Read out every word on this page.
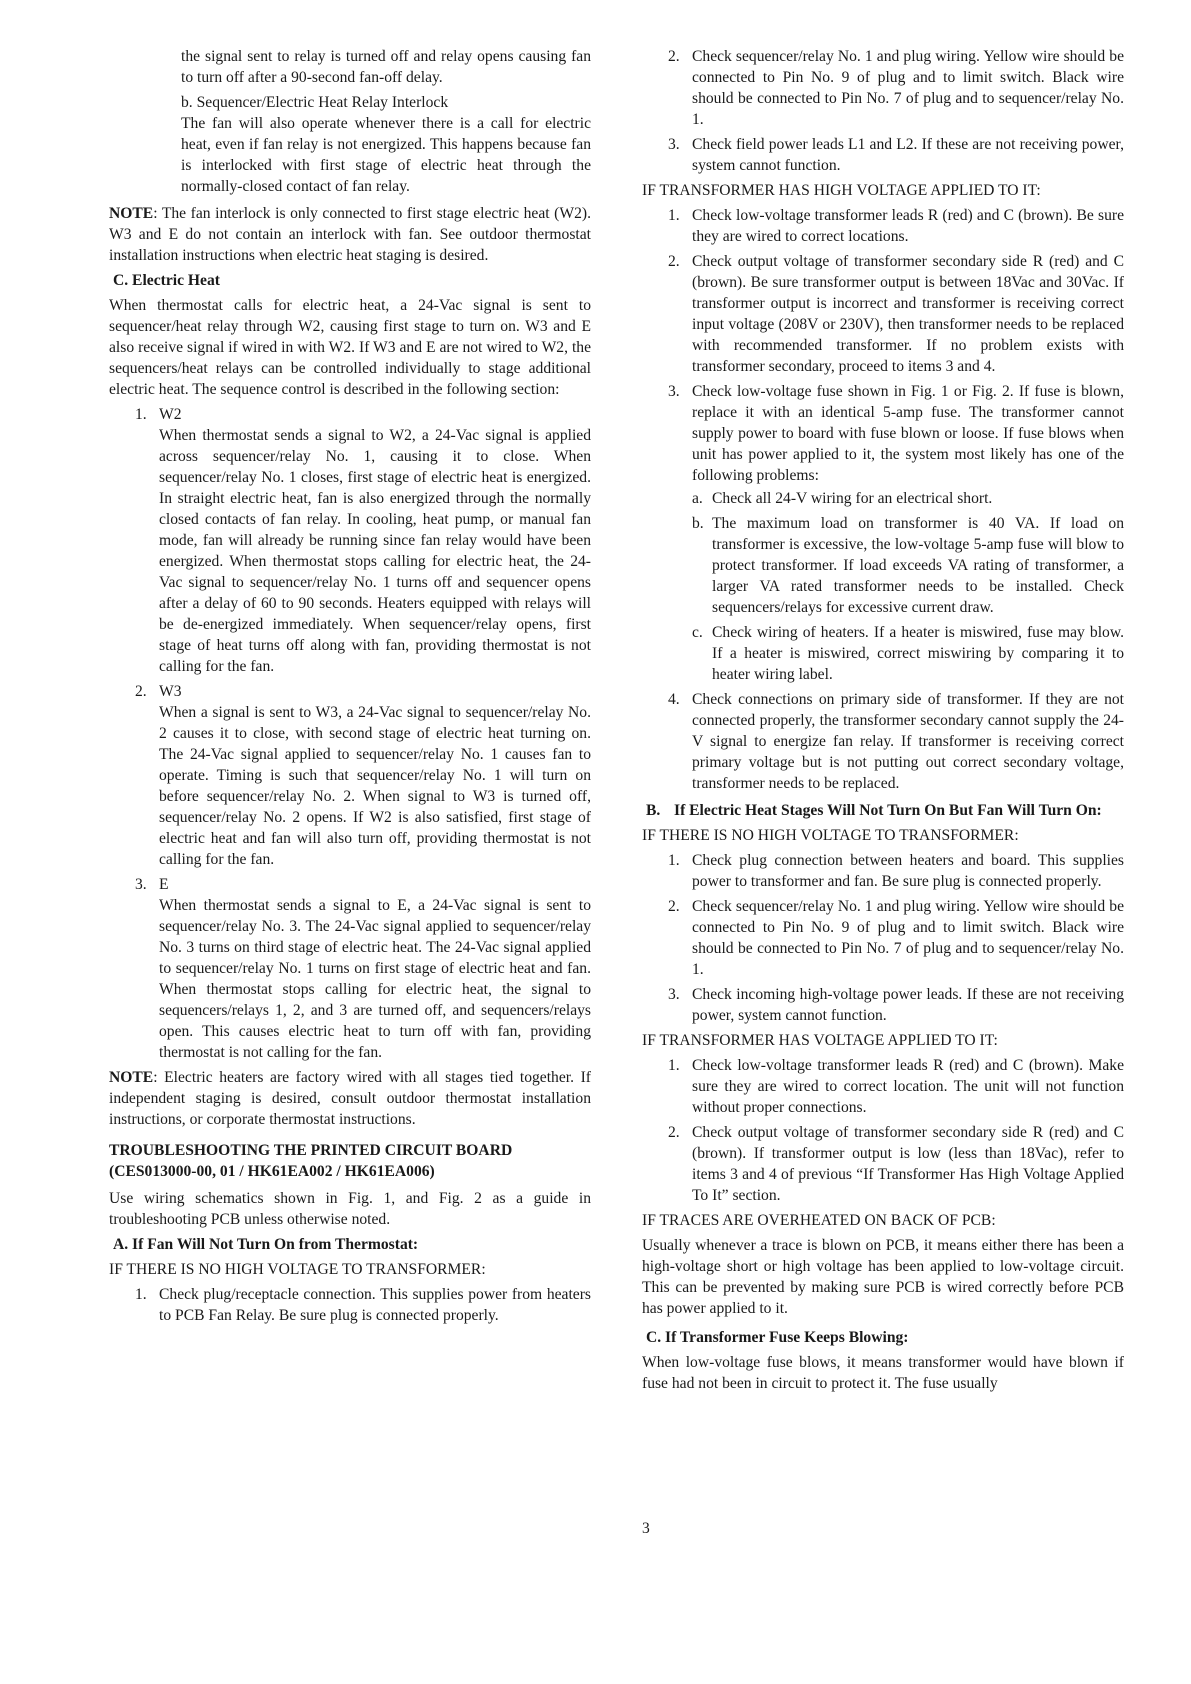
the signal sent to relay is turned off and relay opens causing fan to turn off after a 90-second fan-off delay.

b. Sequencer/Electric Heat Relay Interlock

The fan will also operate whenever there is a call for electric heat, even if fan relay is not energized. This happens because fan is interlocked with first stage of electric heat through the normally-closed contact of fan relay.

NOTE: The fan interlock is only connected to first stage electric heat (W2). W3 and E do not contain an interlock with fan. See outdoor thermostat installation instructions when electric heat staging is desired.

C. Electric Heat

When thermostat calls for electric heat, a 24-Vac signal is sent to sequencer/heat relay through W2, causing first stage to turn on. W3 and E also receive signal if wired in with W2. If W3 and E are not wired to W2, the sequencers/heat relays can be controlled individually to stage additional electric heat. The sequence control is described in the following section:

1. W2
When thermostat sends a signal to W2, a 24-Vac signal is applied across sequencer/relay No. 1, causing it to close. When sequencer/relay No. 1 closes, first stage of electric heat is energized. In straight electric heat, fan is also energized through the normally closed contacts of fan relay. In cooling, heat pump, or manual fan mode, fan will already be running since fan relay would have been energized. When thermostat stops calling for electric heat, the 24-Vac signal to sequencer/relay No. 1 turns off and sequencer opens after a delay of 60 to 90 seconds. Heaters equipped with relays will be de-energized immediately. When sequencer/relay opens, first stage of heat turns off along with fan, providing thermostat is not calling for the fan.
2. W3
When a signal is sent to W3, a 24-Vac signal to sequencer/relay No. 2 causes it to close, with second stage of electric heat turning on. The 24-Vac signal applied to sequencer/relay No. 1 causes fan to operate. Timing is such that sequencer/relay No. 1 will turn on before sequencer/relay No. 2. When signal to W3 is turned off, sequencer/relay No. 2 opens. If W2 is also satisfied, first stage of electric heat and fan will also turn off, providing thermostat is not calling for the fan.
3. E
When thermostat sends a signal to E, a 24-Vac signal is sent to sequencer/relay No. 3. The 24-Vac signal applied to sequencer/relay No. 3 turns on third stage of electric heat. The 24-Vac signal applied to sequencer/relay No. 1 turns on first stage of electric heat and fan. When thermostat stops calling for electric heat, the signal to sequencers/relays 1, 2, and 3 are turned off, and sequencers/relays open. This causes electric heat to turn off with fan, providing thermostat is not calling for the fan.

NOTE: Electric heaters are factory wired with all stages tied together. If independent staging is desired, consult outdoor thermostat installation instructions, or corporate thermostat instructions.

TROUBLESHOOTING THE PRINTED CIRCUIT BOARD

(CES013000-00, 01 / HK61EA002 / HK61EA006)

Use wiring schematics shown in Fig. 1, and Fig. 2 as a guide in troubleshooting PCB unless otherwise noted.

A. If Fan Will Not Turn On from Thermostat:

IF THERE IS NO HIGH VOLTAGE TO TRANSFORMER:

1. Check plug/receptacle connection. This supplies power from heaters to PCB Fan Relay. Be sure plug is connected properly.
2. Check sequencer/relay No. 1 and plug wiring. Yellow wire should be connected to Pin No. 9 of plug and to limit switch. Black wire should be connected to Pin No. 7 of plug and to sequencer/relay No. 1.
3. Check field power leads L1 and L2. If these are not receiving power, system cannot function.

IF TRANSFORMER HAS HIGH VOLTAGE APPLIED TO IT:

1. Check low-voltage transformer leads R (red) and C (brown). Be sure they are wired to correct locations.
2. Check output voltage of transformer secondary side R (red) and C (brown). Be sure transformer output is between 18Vac and 30Vac. If transformer output is incorrect and transformer is receiving correct input voltage (208V or 230V), then transformer needs to be replaced with recommended transformer. If no problem exists with transformer secondary, proceed to items 3 and 4.
3. Check low-voltage fuse shown in Fig. 1 or Fig. 2. If fuse is blown, replace it with an identical 5-amp fuse. The transformer cannot supply power to board with fuse blown or loose. If fuse blows when unit has power applied to it, the system most likely has one of the following problems:
a. Check all 24-V wiring for an electrical short.
b. The maximum load on transformer is 40 VA. If load on transformer is excessive, the low-voltage 5-amp fuse will blow to protect transformer. If load exceeds VA rating of transformer, a larger VA rated transformer needs to be installed. Check sequencers/relays for excessive current draw.
c. Check wiring of heaters. If a heater is miswired, fuse may blow. If a heater is miswired, correct miswiring by comparing it to heater wiring label.
4. Check connections on primary side of transformer. If they are not connected properly, the transformer secondary cannot supply the 24-V signal to energize fan relay. If transformer is receiving correct primary voltage but is not putting out correct secondary voltage, transformer needs to be replaced.

B. If Electric Heat Stages Will Not Turn On But Fan Will Turn On:

IF THERE IS NO HIGH VOLTAGE TO TRANSFORMER:

1. Check plug connection between heaters and board. This supplies power to transformer and fan. Be sure plug is connected properly.
2. Check sequencer/relay No. 1 and plug wiring. Yellow wire should be connected to Pin No. 9 of plug and to limit switch. Black wire should be connected to Pin No. 7 of plug and to sequencer/relay No. 1.
3. Check incoming high-voltage power leads. If these are not receiving power, system cannot function.

IF TRANSFORMER HAS VOLTAGE APPLIED TO IT:

1. Check low-voltage transformer leads R (red) and C (brown). Make sure they are wired to correct location. The unit will not function without proper connections.
2. Check output voltage of transformer secondary side R (red) and C (brown). If transformer output is low (less than 18Vac), refer to items 3 and 4 of previous “If Transformer Has High Voltage Applied To It” section.

IF TRACES ARE OVERHEATED ON BACK OF PCB:

Usually whenever a trace is blown on PCB, it means either there has been a high-voltage short or high voltage has been applied to low-voltage circuit. This can be prevented by making sure PCB is wired correctly before PCB has power applied to it.

C. If Transformer Fuse Keeps Blowing:

When low-voltage fuse blows, it means transformer would have blown if fuse had not been in circuit to protect it. The fuse usually

3
